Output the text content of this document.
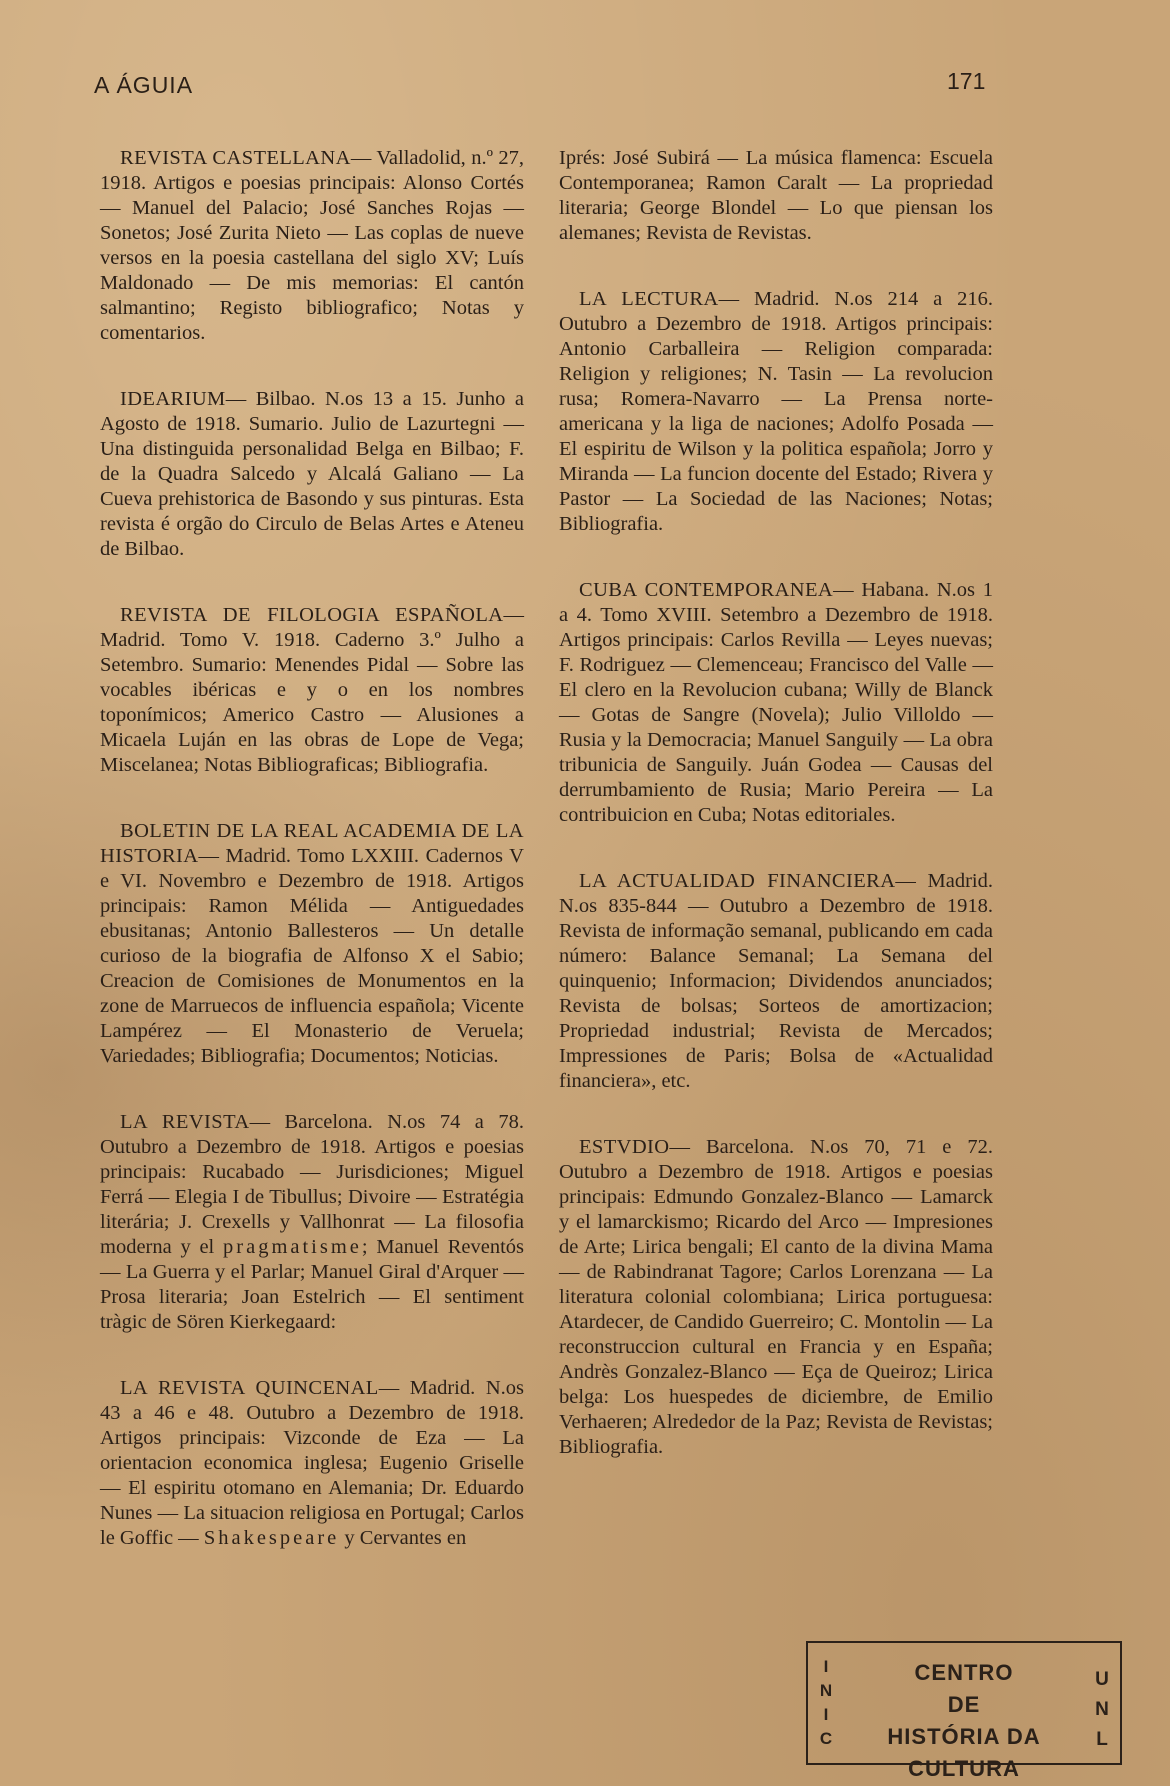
A ÁGUIA	171

REVISTA CASTELLANA— Valladolid, n.º 27, 1918. Artigos e poesias principais: Alonso Cortés — Manuel del Palacio; José Sanches Rojas — Sonetos; José Zurita Nieto — Las coplas de nueve versos en la poesia castellana del siglo XV; Luís Maldonado — De mis memorias: El cantón salmantino; Registo bibliografico; Notas y comentarios.

IDEARIUM— Bilbao. N.os 13 a 15. Junho a Agosto de 1918. Sumario. Julio de Lazurtegni — Una distinguida personalidad Belga en Bilbao; F. de la Quadra Salcedo y Alcalá Galiano — La Cueva prehistorica de Basondo y sus pinturas. Esta revista é orgão do Circulo de Belas Artes e Ateneu de Bilbao.

REVISTA DE FILOLOGIA ESPAÑOLA— Madrid. Tomo V. 1918. Caderno 3.º Julho a Setembro. Sumario: Menendes Pidal — Sobre las vocables ibéricas e y o en los nombres toponímicos; Americo Castro — Alusiones a Micaela Luján en las obras de Lope de Vega; Miscelanea; Notas Bibliograficas; Bibliografia.

BOLETIN DE LA REAL ACADEMIA DE LA HISTORIA— Madrid. Tomo LXXIII. Cadernos V e VI. Novembro e Dezembro de 1918. Artigos principais: Ramon Mélida — Antiguedades ebusitanas; Antonio Ballesteros — Un detalle curioso de la biografia de Alfonso X el Sabio; Creacion de Comisiones de Monumentos en la zone de Marruecos de influencia española; Vicente Lampérez — El Monasterio de Veruela; Variedades; Bibliografia; Documentos; Noticias.

LA REVISTA— Barcelona. N.os 74 a 78. Outubro a Dezembro de 1918. Artigos e poesias principais: Rucabado — Jurisdiciones; Miguel Ferrá — Elegia I de Tibullus; Divoire — Estratégia literária; J. Crexells y Vallhonrat — La filosofia moderna y el pragmatisme; Manuel Reventós — La Guerra y el Parlar; Manuel Giral d'Arquer — Prosa literaria; Joan Estelrich — El sentiment tràgic de Sören Kierkegaard:

LA REVISTA QUINCENAL— Madrid. N.os 43 a 46 e 48. Outubro a Dezembro de 1918. Artigos principais: Vizconde de Eza — La orientacion economica inglesa; Eugenio Griselle — El espiritu otomano en Alemania; Dr. Eduardo Nunes — La situacion religiosa en Portugal; Carlos le Goffic — Shakespeare y Cervantes en

Iprés: José Subirá — La música flamenca: Escuela Contemporanea; Ramon Caralt — La propriedad literaria; George Blondel — Lo que piensan los alemanes; Revista de Revistas.

LA LECTURA— Madrid. N.os 214 a 216. Outubro a Dezembro de 1918. Artigos principais: Antonio Carballeira — Religion comparada: Religion y religiones; N. Tasin — La revolucion rusa; Romera-Navarro — La Prensa norte-americana y la liga de naciones; Adolfo Posada — El espiritu de Wilson y la politica española; Jorro y Miranda — La funcion docente del Estado; Rivera y Pastor — La Sociedad de las Naciones; Notas; Bibliografia.

CUBA CONTEMPORANEA— Habana. N.os 1 a 4. Tomo XVIII. Setembro a Dezembro de 1918. Artigos principais: Carlos Revilla — Leyes nuevas; F. Rodriguez — Clemenceau; Francisco del Valle — El clero en la Revolucion cubana; Willy de Blanck — Gotas de Sangre (Novela); Julio Villoldo — Rusia y la Democracia; Manuel Sanguily — La obra tribunicia de Sanguily. Juán Godea — Causas del derrumbamiento de Rusia; Mario Pereira — La contribuicion en Cuba; Notas editoriales.

LA ACTUALIDAD FINANCIERA— Madrid. N.os 835-844 — Outubro a Dezembro de 1918. Revista de informação semanal, publicando em cada número: Balance Semanal; La Semana del quinquenio; Informacion; Dividendos anunciados; Revista de bolsas; Sorteos de amortizacion; Propriedad industrial; Revista de Mercados; Impressiones de Paris; Bolsa de «Actualidad financiera», etc.

ESTVDIO— Barcelona. N.os 70, 71 e 72. Outubro a Dezembro de 1918. Artigos e poesias principais: Edmundo Gonzalez-Blanco — Lamarck y el lamarckismo; Ricardo del Arco — Impresiones de Arte; Lirica bengali; El canto de la divina Mama — de Rabindranat Tagore; Carlos Lorenzana — La literatura colonial colombiana; Lirica portuguesa: Atardecer, de Candido Guerreiro; C. Montolin — La reconstruccion cultural en Francia y en España; Andrès Gonzalez-Blanco — Eça de Queiroz; Lirica belga: Los huespedes de diciembre, de Emilio Verhaeren; Alrededor de la Paz; Revista de Revistas; Bibliografia.

I
N
I
C
CENTRO
DE
HISTÓRIA DA CULTURA
U
N
L
